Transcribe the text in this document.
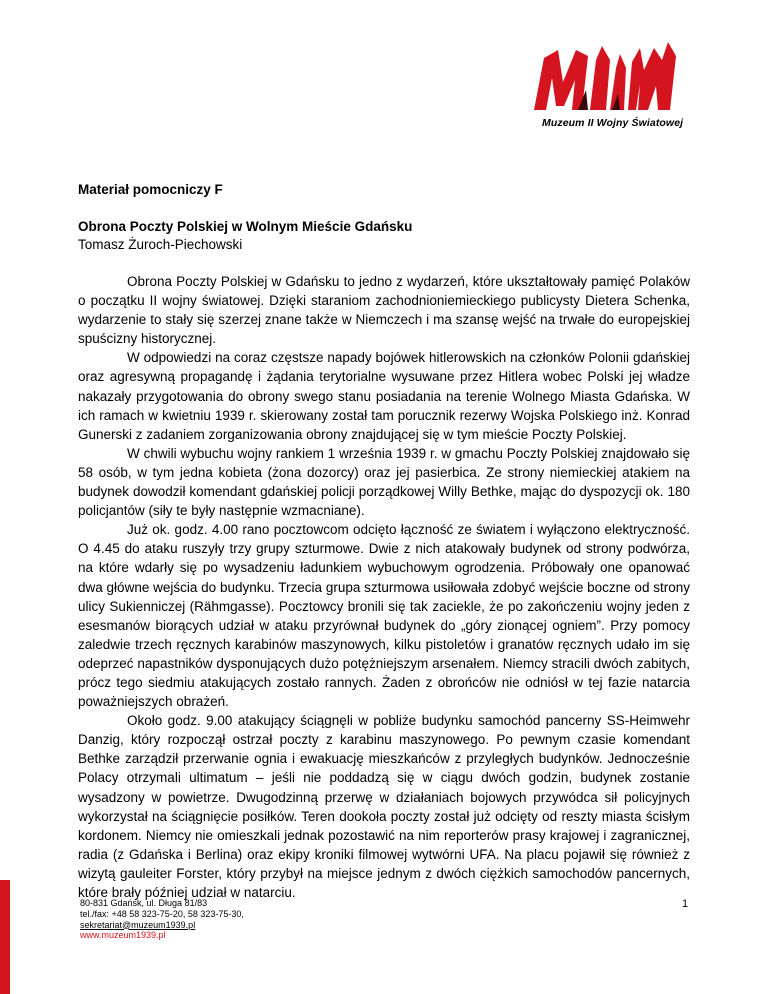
Muzeum II Wojny Światowej

Materiał pomocniczy F

Obrona Poczty Polskiej w Wolnym Mieście Gdańsku

Tomasz Żuroch-Piechowski

Obrona Poczty Polskiej w Gdańsku to jedno z wydarzeń, które ukształtowały pamięć Polaków o początku II wojny światowej. Dzięki staraniom zachodnioniemieckiego publicysty Dietera Schenka, wydarzenie to stały się szerzej znane także w Niemczech i ma szansę wejść na trwałe do europejskiej spuścizny historycznej.

W odpowiedzi na coraz częstsze napady bojówek hitlerowskich na członków Polonii gdańskiej oraz agresywną propagandę i żądania terytorialne wysuwane przez Hitlera wobec Polski jej władze nakazały przygotowania do obrony swego stanu posiadania na terenie Wolnego Miasta Gdańska. W ich ramach w kwietniu 1939 r. skierowany został tam porucznik rezerwy Wojska Polskiego inż. Konrad Gunerski z zadaniem zorganizowania obrony znajdującej się w tym mieście Poczty Polskiej.

W chwili wybuchu wojny rankiem 1 września 1939 r. w gmachu Poczty Polskiej znajdowało się 58 osób, w tym jedna kobieta (żona dozorcy) oraz jej pasierbica. Ze strony niemieckiej atakiem na budynek dowodził komendant gdańskiej policji porządkowej Willy Bethke, mając do dyspozycji ok. 180 policjantów (siły te były następnie wzmacniane).

Już ok. godz. 4.00 rano pocztowcom odcięto łączność ze światem i wyłączono elektryczność. O 4.45 do ataku ruszyły trzy grupy szturmowe. Dwie z nich atakowały budynek od strony podwórza, na które wdarły się po wysadzeniu ładunkiem wybuchowym ogrodzenia. Próbowały one opanować dwa główne wejścia do budynku. Trzecia grupa szturmowa usiłowała zdobyć wejście boczne od strony ulicy Sukienniczej (Rähmgasse). Pocztowcy bronili się tak zaciekle, że po zakończeniu wojny jeden z esesmanów biorących udział w ataku przyrównał budynek do „góry zionącej ogniem”. Przy pomocy zaledwie trzech ręcznych karabinów maszynowych, kilku pistoletów i granatów ręcznych udało im się odeprzeć napastników dysponujących dużo potężniejszym arsenałem. Niemcy stracili dwóch zabitych, prócz tego siedmiu atakujących zostało rannych. Żaden z obrońców nie odniósł w tej fazie natarcia poważniejszych obrażeń.

Około godz. 9.00 atakujący ściągnęli w pobliże budynku samochód pancerny SS-Heimwehr Danzig, który rozpoczął ostrzał poczty z karabinu maszynowego. Po pewnym czasie komendant Bethke zarządził przerwanie ognia i ewakuację mieszkańców z przyległych budynków. Jednocześnie Polacy otrzymali ultimatum – jeśli nie poddadzą się w ciągu dwóch godzin, budynek zostanie wysadzony w powietrze. Dwugodzinną przerwę w działaniach bojowych przywódca sił policyjnych wykorzystał na ściągnięcie posiłków. Teren dookoła poczty został już odcięty od reszty miasta ścisłym kordonem. Niemcy nie omieszkali jednak pozostawić na nim reporterów prasy krajowej i zagranicznej, radia (z Gdańska i Berlina) oraz ekipy kroniki filmowej wytwórni UFA. Na placu pojawił się również z wizytą gauleiter Forster, który przybył na miejsce jednym z dwóch ciężkich samochodów pancernych, które brały później udział w natarciu.

80-831 Gdańsk, ul. Długa 81/83
tel./fax: +48 58 323-75-20, 58 323-75-30,
sekretariat@muzeum1939.pl
www.muzeum1939.pl
1
